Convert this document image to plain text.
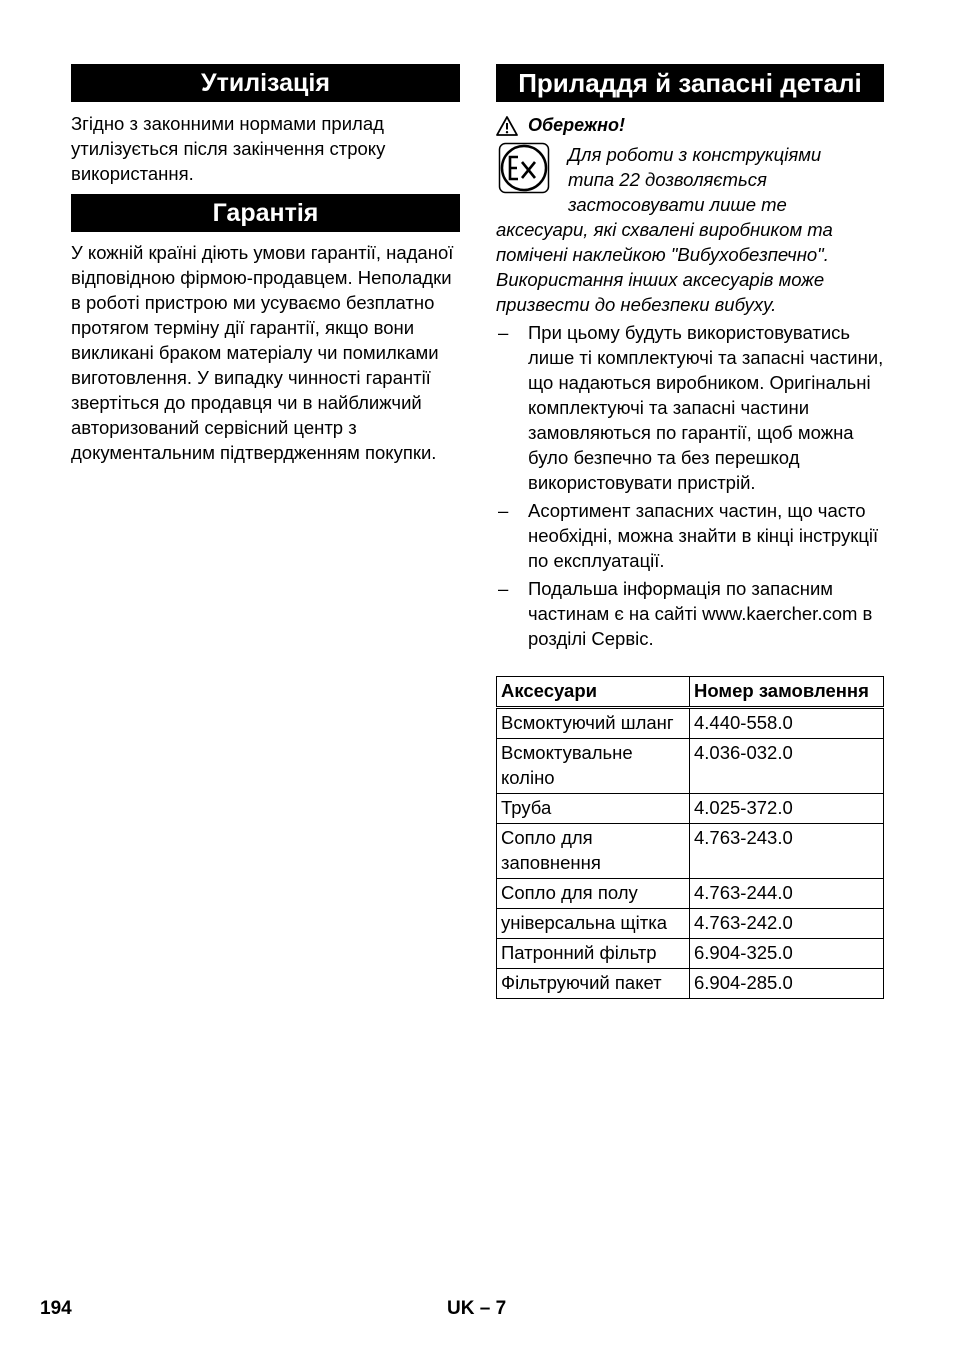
Утилізація

Згідно з законними нормами прилад утилізується після закінчення строку використання.

Гарантія

У кожній країні діють умови гарантії, наданої відповідною фірмою-продавцем. Неполадки в роботі пристрою ми усуваємо безплатно протягом терміну дії гарантії, якщо вони викликані браком матеріалу чи помилками виготовлення. У випадку чинності гарантії звертіться до продавця чи в найближчий авторизований сервісний центр з документальним підтвердженням покупки.

Приладдя й запасні деталі
Обережно!

Для роботи з конструкціями
типа 22 дозволяється
застосовувати лише те
аксесуари, які схвалені виробником та помічені наклейкою "Вибухобезпечно". Використання інших аксесуарів може призвести до небезпеки вибуху.

– При цьому будуть використовуватись лише ті комплектуючі та запасні частини, що надаються виробником. Оригінальні комплектуючі та запасні частини замовляються по гарантії, щоб можна було безпечно та без перешкод використовувати пристрій.
– Асортимент запасних частин, що часто необхідні, можна знайти в кінці інструкції по експлуатації.
– Подальша інформація по запасним частинам є на сайті www.kaercher.com в розділі Сервіс.
Аксесуари	Номер замовлення
Всмоктуючий шланг	4.440-558.0
Всмоктувальне коліно	4.036-032.0
Труба	4.025-372.0
Сопло для заповнення	4.763-243.0
Сопло для полу	4.763-244.0
універсальна щітка	4.763-242.0
Патронний фільтр	6.904-325.0
Фільтруючий пакет	6.904-285.0
194	UK – 7
